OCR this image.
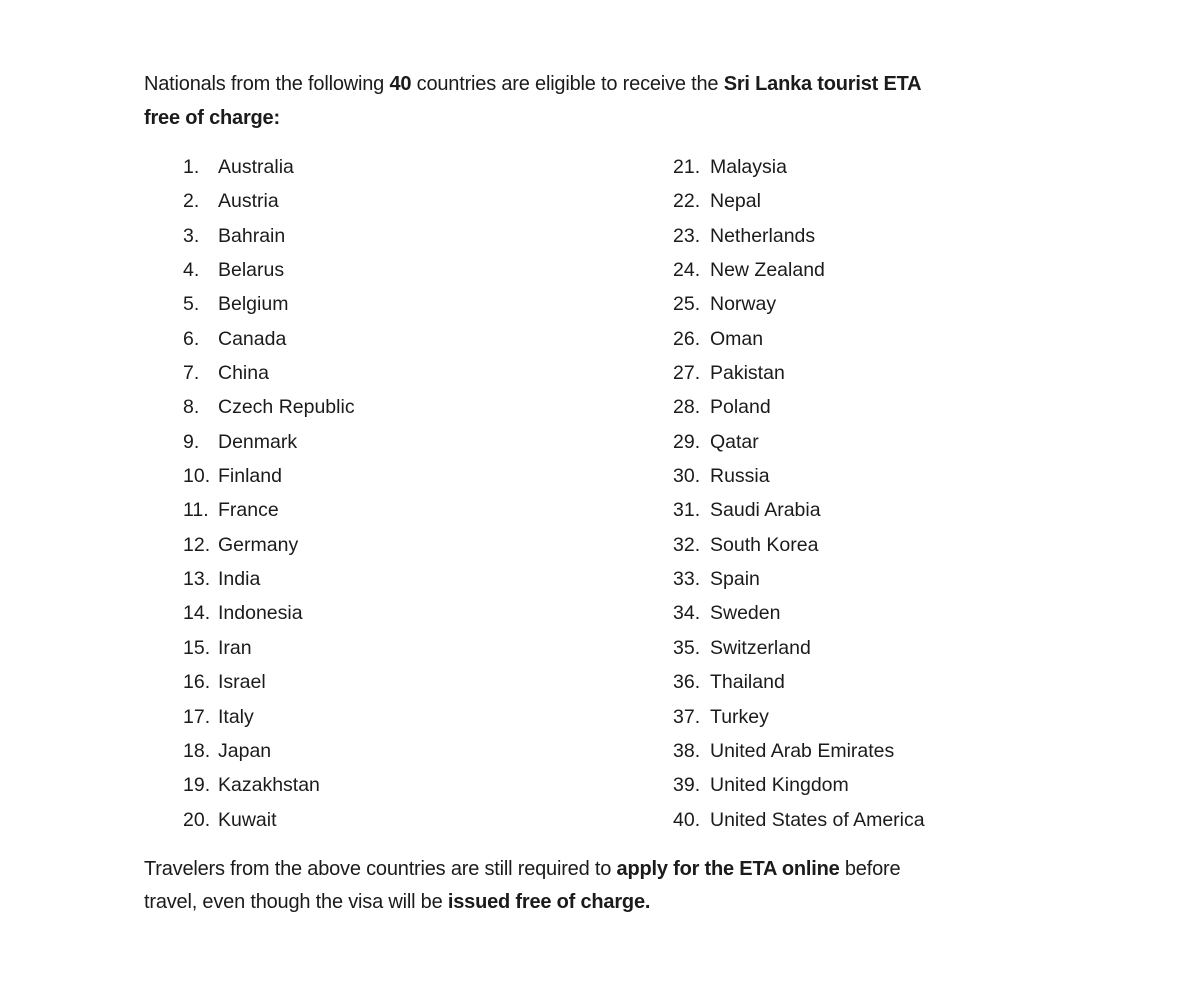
Nationals from the following 40 countries are eligible to receive the Sri Lanka tourist ETA
free of charge:

1. Australia
2. Austria
3. Bahrain
4. Belarus
5. Belgium
6. Canada
7. China
8. Czech Republic
9. Denmark
10. Finland
11. France
12. Germany
13. India
14. Indonesia
15. Iran
16. Israel
17. Italy
18. Japan
19. Kazakhstan
20. Kuwait
21. Malaysia
22. Nepal
23. Netherlands
24. New Zealand
25. Norway
26. Oman
27. Pakistan
28. Poland
29. Qatar
30. Russia
31. Saudi Arabia
32. South Korea
33. Spain
34. Sweden
35. Switzerland
36. Thailand
37. Turkey
38. United Arab Emirates
39. United Kingdom
40. United States of America

Travelers from the above countries are still required to apply for the ETA online before
travel, even though the visa will be issued free of charge.
